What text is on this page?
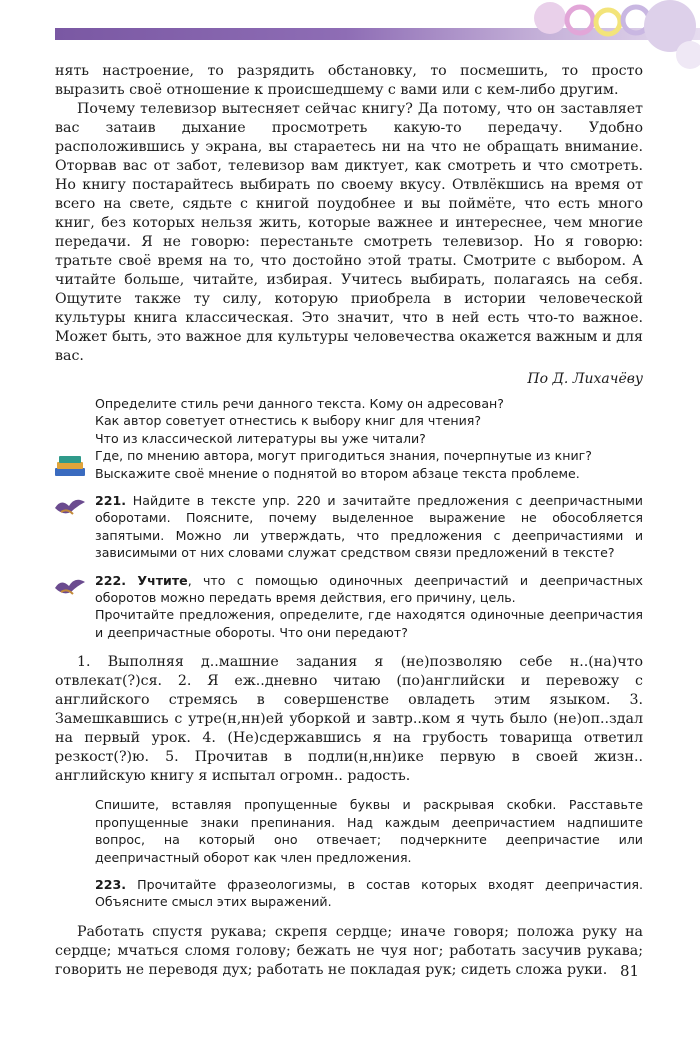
нять настроение, то разрядить обстановку, то посмешить, то просто выразить своё отношение к происшедшему с вами или с кем-либо другим.

Почему телевизор вытесняет сейчас книгу? Да потому, что он заставляет вас затаив дыхание просмотреть какую-то передачу. Удобно расположившись у экрана, вы стараетесь ни на что не обращать внимание. Оторвав вас от забот, телевизор вам диктует, как смотреть и что смотреть. Но книгу постарайтесь выбирать по своему вкусу. Отвлёкшись на время от всего на свете, сядьте с книгой поудобнее и вы поймёте, что есть много книг, без которых нельзя жить, которые важнее и интереснее, чем многие передачи. Я не говорю: перестаньте смотреть телевизор. Но я говорю: тратьте своё время на то, что достойно этой траты. Смотрите с выбором. А читайте больше, читайте, избирая. Учитесь выбирать, полагаясь на себя. Ощутите также ту силу, которую приобрела в истории человеческой культуры книга классическая. Это значит, что в ней есть что-то важное. Может быть, это важное для культуры человечества окажется важным и для вас.

По Д. Лихачёву
Определите стиль речи данного текста. Кому он адресован?
Как автор советует отнестись к выбору книг для чтения?
Что из классической литературы вы уже читали?
Где, по мнению автора, могут пригодиться знания, почерпнутые из книг?
Выскажите своё мнение о поднятой во втором абзаце текста проблеме.

221. Найдите в тексте упр. 220 и зачитайте предложения с деепричастными оборотами. Поясните, почему выделенное выражение не обособляется запятыми. Можно ли утверждать, что предложения с деепричастиями и зависимыми от них словами служат средством связи предложений в тексте?

222. Учтите, что с помощью одиночных деепричастий и деепричастных оборотов можно передать время действия, его причину, цель.

Прочитайте предложения, определите, где находятся одиночные деепричастия и деепричастные обороты. Что они передают?

1. Выполняя д..машние задания я (не)позволяю себе н..(на)что отвлекат(?)ся. 2. Я еж..дневно читаю (по)английски и перевожу с английского стремясь в совершенстве овладеть этим языком. 3. Замешкавшись с утре(н,нн)ей уборкой и завтр..ком я чуть было (не)оп..здал на первый урок. 4. (Не)сдержавшись я на грубость товарища ответил резкост(?)ю. 5. Прочитав в подли(н,нн)ике первую в своей жизн.. английскую книгу я испытал огромн.. радость.

Спишите, вставляя пропущенные буквы и раскрывая скобки. Расставьте пропущенные знаки препинания. Над каждым деепричастием надпишите вопрос, на который оно отвечает; подчеркните деепричастие или деепричастный оборот как член предложения.

223. Прочитайте фразеологизмы, в состав которых входят деепричастия. Объясните смысл этих выражений.

Работать спустя рукава; скрепя сердце; иначе говоря; положа руку на сердце; мчаться сломя голову; бежать не чуя ног; работать засучив рукава; говорить не переводя дух; работать не покладая рук; сидеть сложа руки. 81
